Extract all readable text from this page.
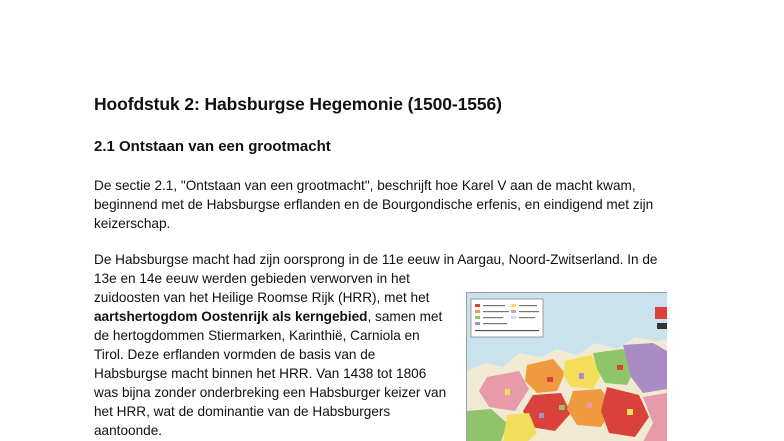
Hoofdstuk 2: Habsburgse Hegemonie (1500-1556)
2.1 Ontstaan van een grootmacht
De sectie 2.1, "Ontstaan van een grootmacht", beschrijft hoe Karel V aan de macht kwam,
beginnend met de Habsburgse erflanden en de Bourgondische erfenis, en eindigend met zijn
keizerschap.
De Habsburgse macht had zijn oorsprong in de 11e eeuw in Aargau, Noord-Zwitserland. In de
13e en 14e eeuw werden gebieden verworven in het
zuidoosten van het Heilige Roomse Rijk (HRR), met het
aartshertogdom Oostenrijk als kerngebied, samen met
de hertogdommen Stiermarken, Karinthië, Carniola en
Tirol. Deze erflanden vormden de basis van de
Habsburgse macht binnen het HRR. Van 1438 tot 1806
was bijna zonder onderbreking een Habsburger keizer van
het HRR, wat de dominantie van de Habsburgers
aantoonde.
